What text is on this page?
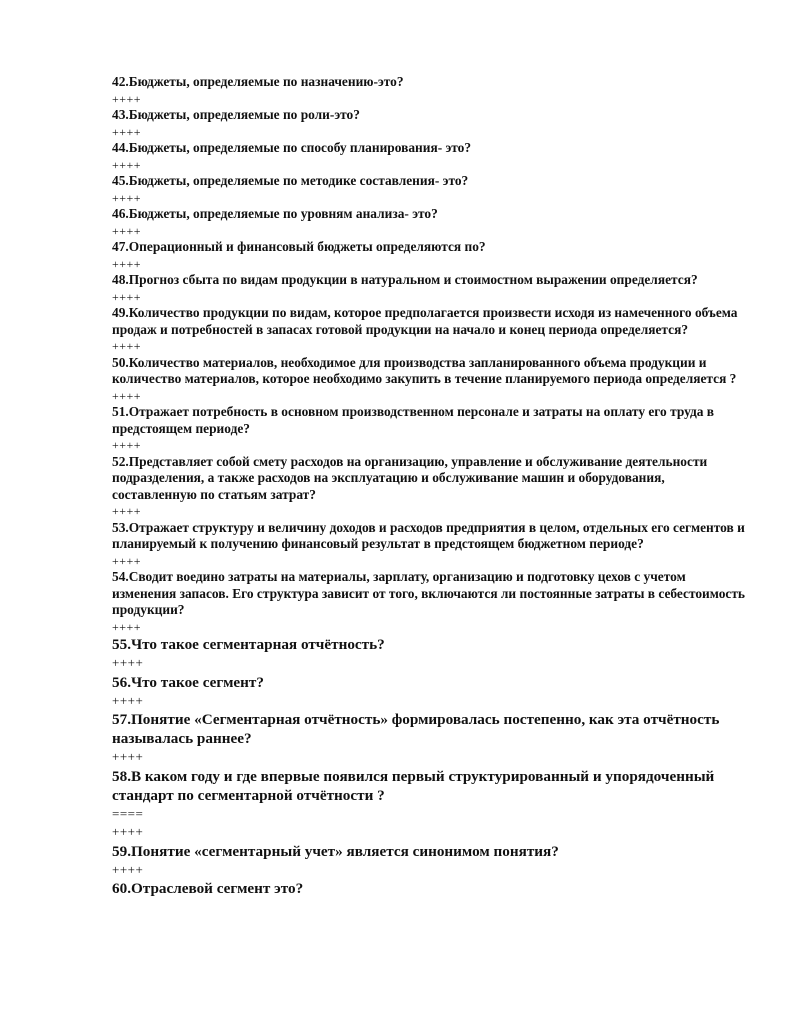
42.Бюджеты, определяемые по назначению-это?

++++

43.Бюджеты, определяемые по роли-это?

++++

44.Бюджеты, определяемые по способу планирования- это?

++++

45.Бюджеты, определяемые по методике составления- это?

++++

46.Бюджеты, определяемые по уровням анализа- это?

++++

47.Операционный и финансовый бюджеты определяются по?

++++

48.Прогноз сбыта по видам продукции в натуральном и стоимостном выражении определяется?

++++

49.Количество продукции по видам, которое предполагается произвести исходя из намеченного объема продаж и потребностей в запасах готовой продукции на начало и конец периода определяется?

++++

50.Количество материалов, необходимое для производства запланированного объема продукции и количество материалов, которое необходимо закупить в течение планируемого периода определяется ?

++++

51.Отражает потребность в основном производственном персонале и затраты на оплату его труда в предстоящем периоде?

++++

52.Представляет собой смету расходов на организацию, управление и обслуживание деятельности подразделения, а также расходов на эксплуатацию и обслуживание машин и оборудования, составленную по статьям затрат?

++++

53.Отражает структуру и величину доходов и расходов предприятия в целом, отдельных его сегментов и планируемый к получению финансовый результат в предстоящем бюджетном периоде?

++++

54.Сводит воедино затраты на материалы, зарплату, организацию и подготовку цехов с учетом изменения запасов. Его структура зависит от того, включаются ли постоянные затраты в себестоимость продукции?

++++

55.Что такое сегментарная отчётность?

++++

56.Что такое сегмент?

++++

57.Понятие «Сегментарная отчётность» формировалась постепенно, как эта отчётность называлась раннее?

++++

58.В каком году и где впервые появился первый структурированный и упорядоченный стандарт по сегментарной отчётности ?

====

++++

59.Понятие «сегментарный учет» является синонимом понятия?

++++

60.Отраслевой сегмент это?
